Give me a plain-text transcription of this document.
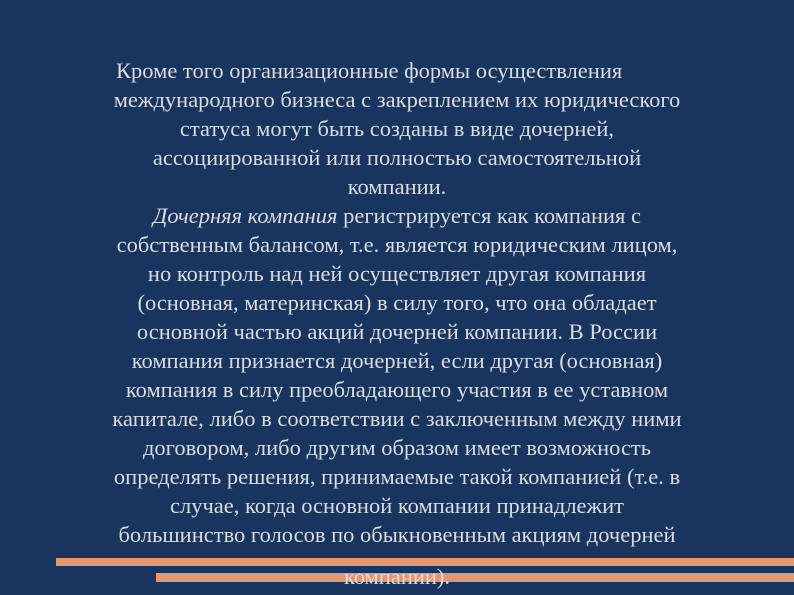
Кроме того организационные формы осуществления
международного бизнеса с закреплением их юридического
статуса могут быть созданы в виде дочерней,
ассоциированной или полностью самостоятельной
компании.
Дочерняя компания регистрируется как компания с
собственным балансом, т.е. является юридическим лицом,
но контроль над ней осуществляет другая компания
(основная, материнская) в силу того, что она обладает
основной частью акций дочерней компании. В России
компания признается дочерней, если другая (основная)
компания в силу преобладающего участия в ее уставном
капитале, либо в соответствии с заключенным между ними
договором, либо другим образом имеет возможность
определять решения, принимаемые такой компанией (т.е. в
случае, когда основной компании принадлежит
большинство голосов по обыкновенным акциям дочерней
компании).
